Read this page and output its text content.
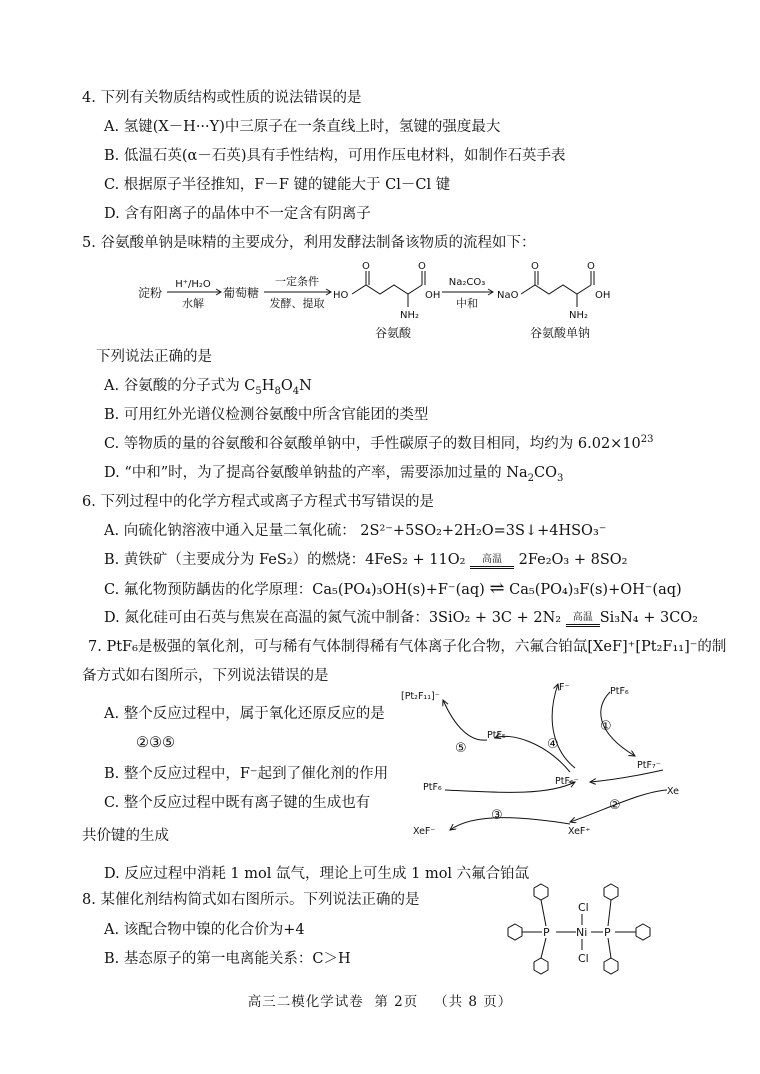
4. 下列有关物质结构或性质的说法错误的是
A. 氢键(X－H···Y)中三原子在一条直线上时，氢键的强度最大
B. 低温石英(α－石英)具有手性结构，可用作压电材料，如制作石英手表
C. 根据原子半径推知，F－F 键的键能大于 Cl－Cl 键
D. 含有阳离子的晶体中不一定含有阴离子
5. 谷氨酸单钠是味精的主要成分，利用发酵法制备该物质的流程如下：
淀粉
H⁺/H₂O
水解
葡萄糖
一定条件
发酵、提取
O	O
HO	OH
NH₂
谷氨酸
Na₂CO₃
中和
O	O
NaO	OH
NH₂
谷氨酸单钠
下列说法正确的是
A. 谷氨酸的分子式为 $C_5H_8O_4N$
B. 可用红外光谱仪检测谷氨酸中所含官能团的类型
C. 等物质的量的谷氨酸和谷氨酸单钠中，手性碳原子的数目相同，均约为 $6.02\times 10^{23}$
D. “中和”时，为了提高谷氨酸单钠盐的产率，需要添加过量的 $Na_2CO_3$
6. 下列过程中的化学方程式或离子方程式书写错误的是
A. 向硫化钠溶液中通入足量二氧化硫： 2S²⁻+5SO₂+2H₂O=3S↓+4HSO₃⁻
B. 黄铁矿（主要成分为 FeS₂）的燃烧：4FeS₂ + 11O₂ 高温 2Fe₂O₃ + 8SO₂
C. 氟化物预防龋齿的化学原理：Ca₅(PO₄)₃OH(s)+F⁻(aq) ⇌ Ca₅(PO₄)₃F(s)+OH⁻(aq)
D. 氮化硅可由石英与焦炭在高温的氮气流中制备：3SiO₂ + 3C + 2N₂ 高温 Si₃N₄ + 3CO₂
7. PtF₆是极强的氧化剂，可与稀有气体制得稀有气体离子化合物，六氟合铂氙[XeF]⁺[Pt₂F₁₁]⁻的制
备方式如右图所示，下列说法错误的是
A. 整个反应过程中，属于氧化还原反应的是
②③⑤
B. 整个反应过程中，F⁻起到了催化剂的作用
C. 整个反应过程中既有离子键的生成也有
共价键的生成
D. 反应过程中消耗 1 mol 氙气，理论上可生成 1 mol 六氟合铂氙
[Pt₂F₁₁]⁻
PtF₅
F⁻	PtF₆
PtF₇⁻
PtF₆⁻
PtF₆	Xe
XeF⁺
XeF⁻
①
②
③
④
⑤
8. 某催化剂结构简式如右图所示。下列说法正确的是
A. 该配合物中镍的化合价为+4
B. 基态原子的第一电离能关系：C＞H
Cl
Ni
Cl
P	P
高三二模化学试卷 第 2页 （共 8 页）
